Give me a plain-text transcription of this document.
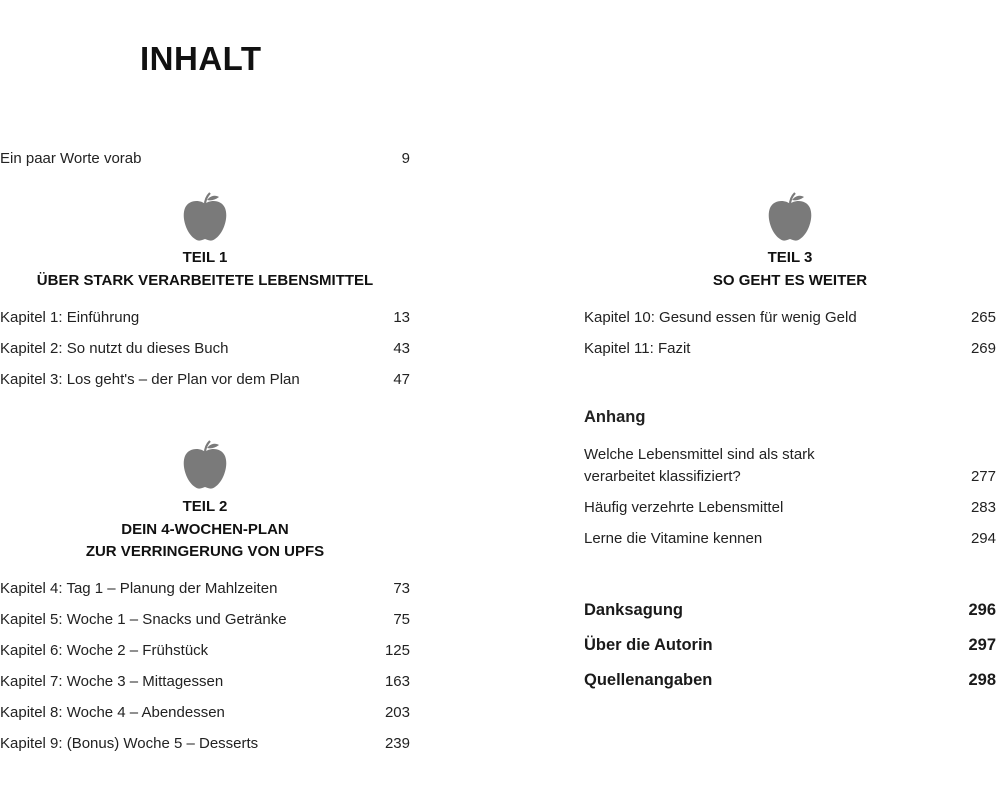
INHALT
Ein paar Worte vorab	9
TEIL 1
ÜBER STARK VERARBEITETE LEBENSMITTEL
Kapitel 1: Einführung	13
Kapitel 2: So nutzt du dieses Buch	43
Kapitel 3: Los geht's – der Plan vor dem Plan	47
TEIL 2
DEIN 4-WOCHEN-PLAN
ZUR VERRINGERUNG VON UPFS
Kapitel 4: Tag 1 – Planung der Mahlzeiten	73
Kapitel 5: Woche 1 – Snacks und Getränke	75
Kapitel 6: Woche 2 – Frühstück	125
Kapitel 7: Woche 3 – Mittagessen	163
Kapitel 8: Woche 4 – Abendessen	203
Kapitel 9: (Bonus) Woche 5 – Desserts	239
TEIL 3
SO GEHT ES WEITER
Kapitel 10: Gesund essen für wenig Geld	265
Kapitel 11: Fazit	269
Anhang
Welche Lebensmittel sind als stark
verarbeitet klassifiziert?	277
Häufig verzehrte Lebensmittel	283
Lerne die Vitamine kennen	294
Danksagung	296
Über die Autorin	297
Quellenangaben	298
